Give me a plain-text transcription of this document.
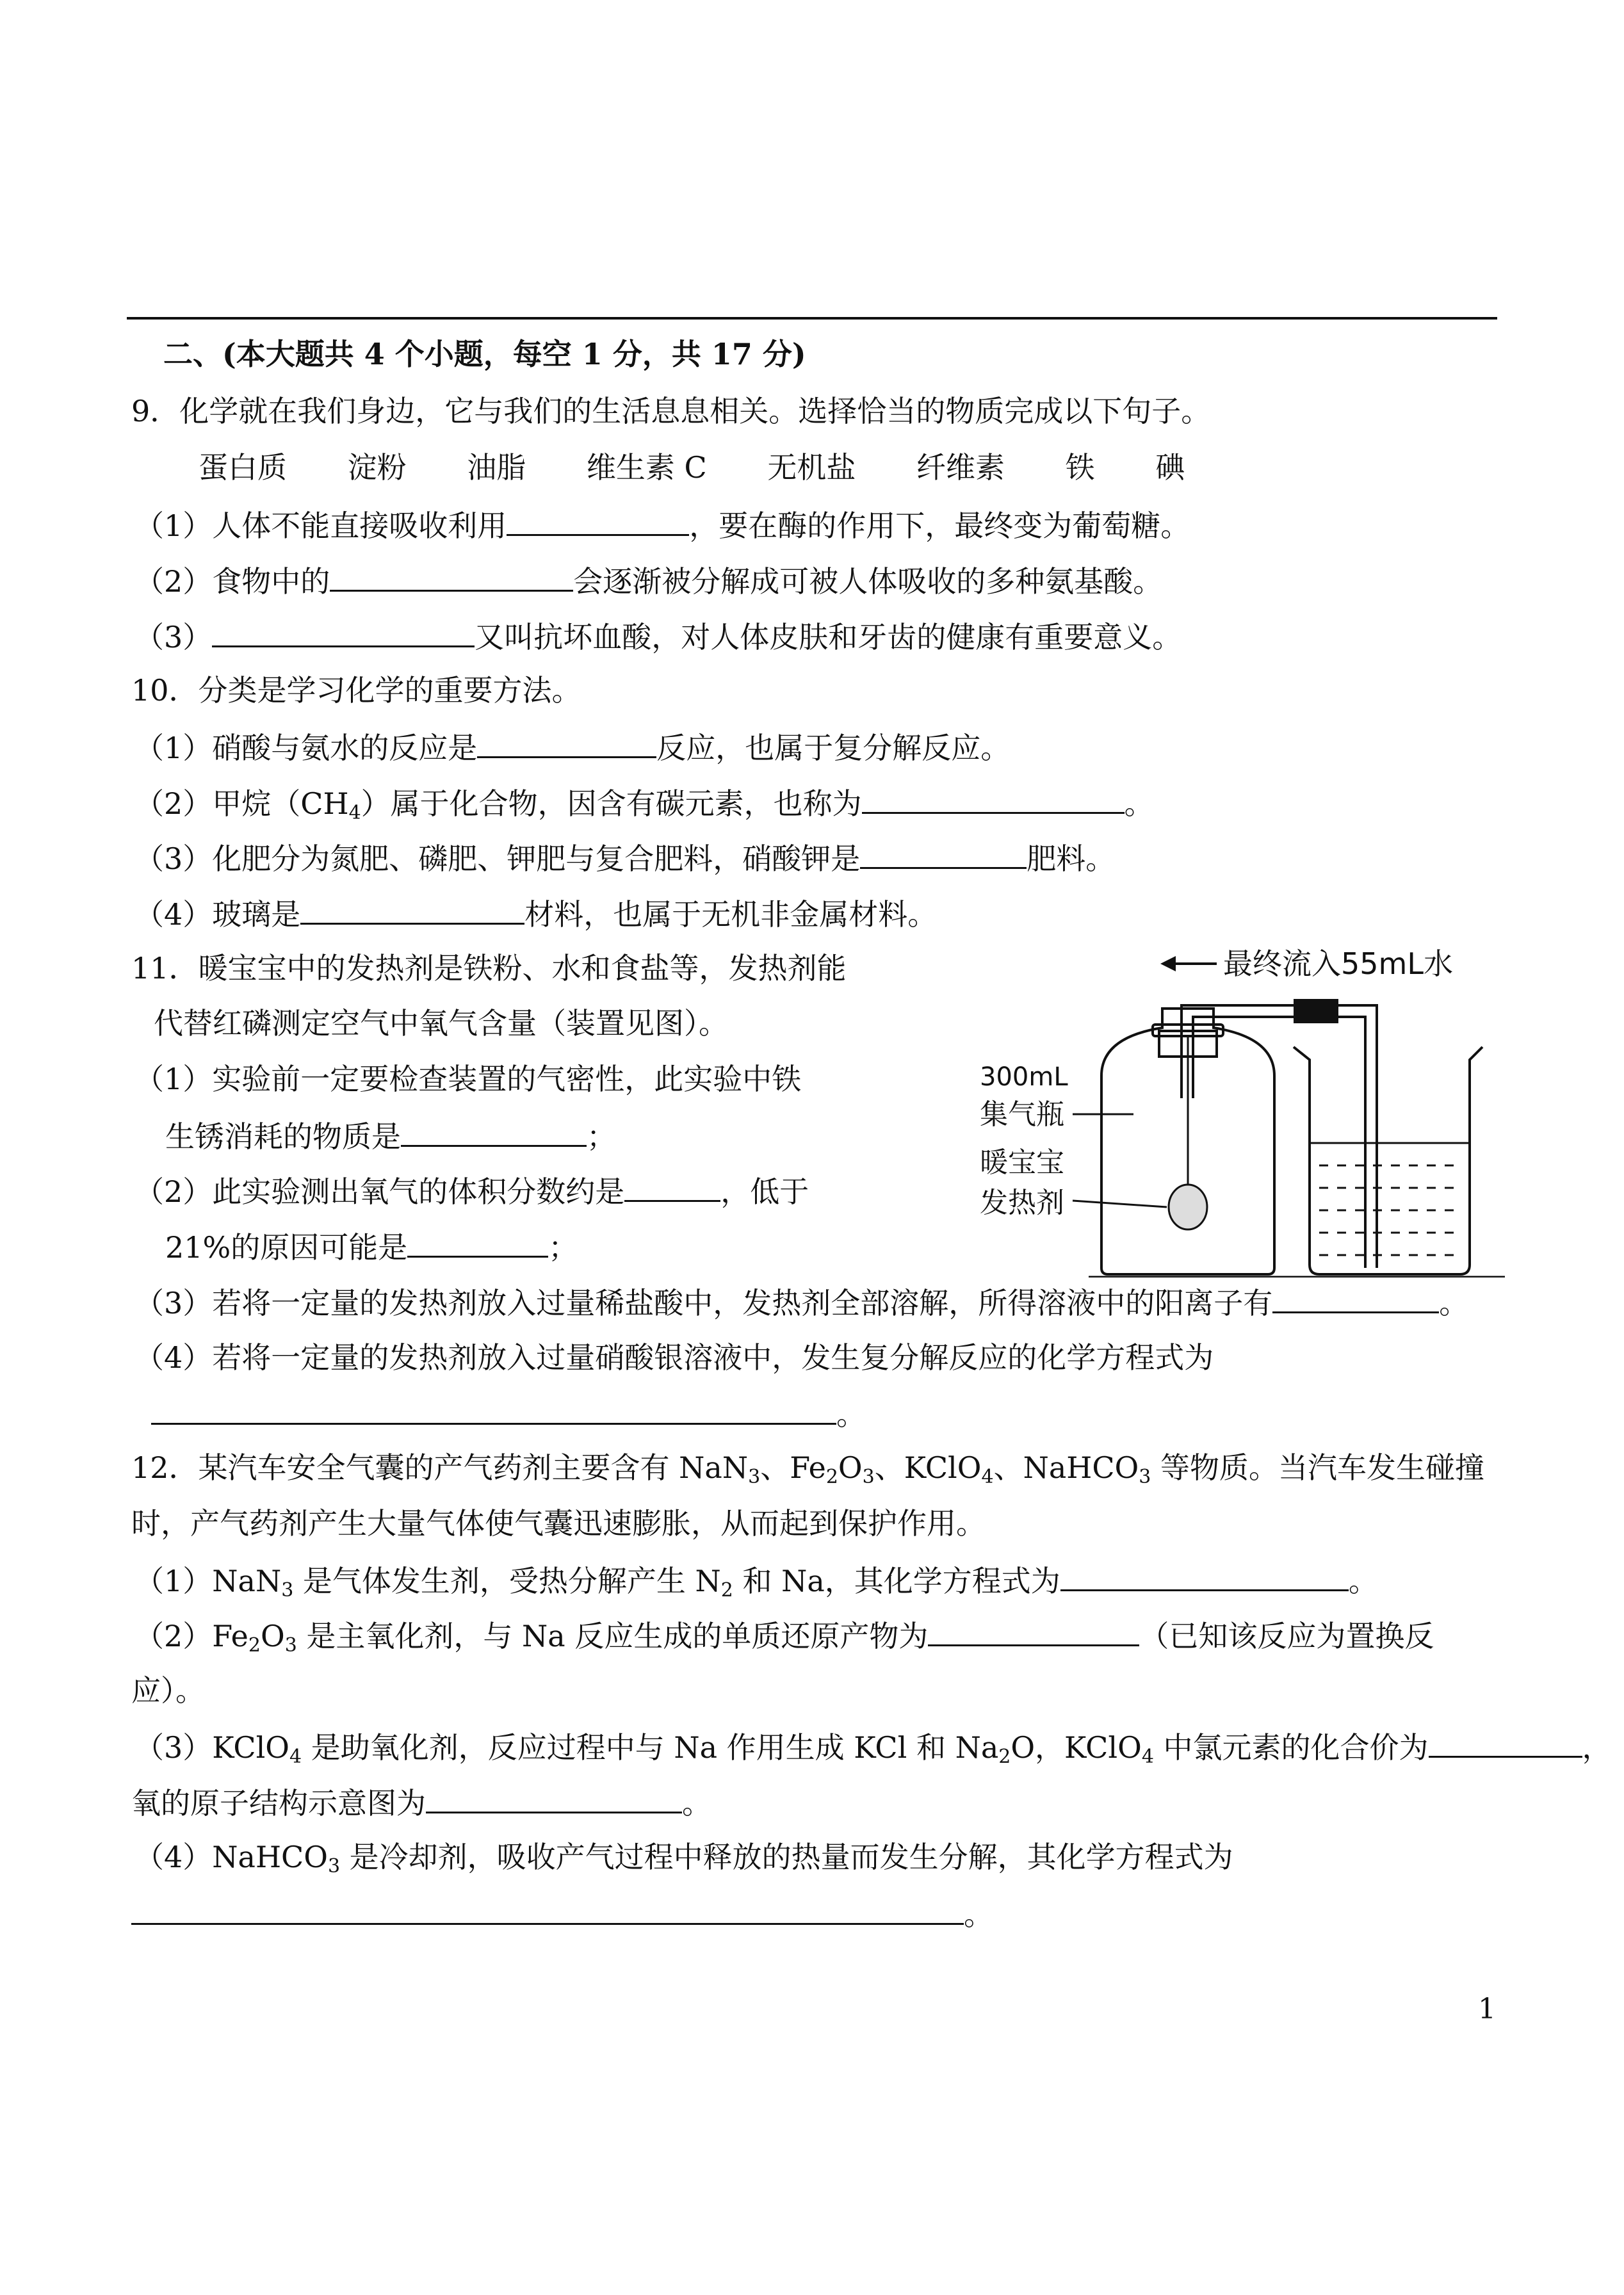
二、(本大题共 4 个小题，每空 1 分，共 17 分)
9．化学就在我们身边，它与我们的生活息息相关。选择恰当的物质完成以下句子。
蛋白质 淀粉 油脂 维生素 C 无机盐 纤维素 铁 碘
（1）人体不能直接吸收利用	，要在酶的作用下，最终变为葡萄糖。
（2）食物中的	会逐渐被分解成可被人体吸收的多种氨基酸。
（3）	又叫抗坏血酸，对人体皮肤和牙齿的健康有重要意义。
10．分类是学习化学的重要方法。
（1）硝酸与氨水的反应是	反应，也属于复分解反应。
（2）甲烷$(CH_4)$属于化合物，因含有碳元素，也称为	。
（3）化肥分为氮肥、磷肥、钾肥与复合肥料，硝酸钾是	肥料。
（4）玻璃是	材料，也属于无机非金属材料。
11．暖宝宝中的发热剂是铁粉、水和食盐等，发热剂能
代替红磷测定空气中氧气含量（装置见图）。
（1）实验前一定要检查装置的气密性，此实验中铁
生锈消耗的物质是	；
（2）此实验测出氧气的体积分数约是	，低于
21%的原因可能是	；
（3）若将一定量的发热剂放入过量稀盐酸中，发热剂全部溶解，所得溶液中的阳离子有	。
（4）若将一定量的发热剂放入过量硝酸银溶液中，发生复分解反应的化学方程式为
。
最终流入55mL水
300mL
集气瓶
暖宝宝
发热剂
12．某汽车安全气囊的产气药剂主要含有 NaN$_3$、$Fe_2O_3$、KClO$_4$、NaHCO$_3$ 等物质。当汽车发生碰撞
时，产气药剂产生大量气体使气囊迅速膨胀，从而起到保护作用。
（1）NaN$_3$ 是气体发生剂，受热分解产生 $N_2$ 和 Na，其化学方程式为	。
$(2)Fe_2O_3$ 是主氧化剂，与 Na 反应生成的单质还原产物为	（已知该反应为置换反
应）。
（3）KClO$_4$ 是助氧化剂，反应过程中与 Na 作用生成 KCl 和 $Na_2O$，KClO$_4$ 中氯元素的化合价为	，
氧的原子结构示意图为	。
（4）NaHCO$_3$ 是冷却剂，吸收产气过程中释放的热量而发生分解，其化学方程式为
。
1
